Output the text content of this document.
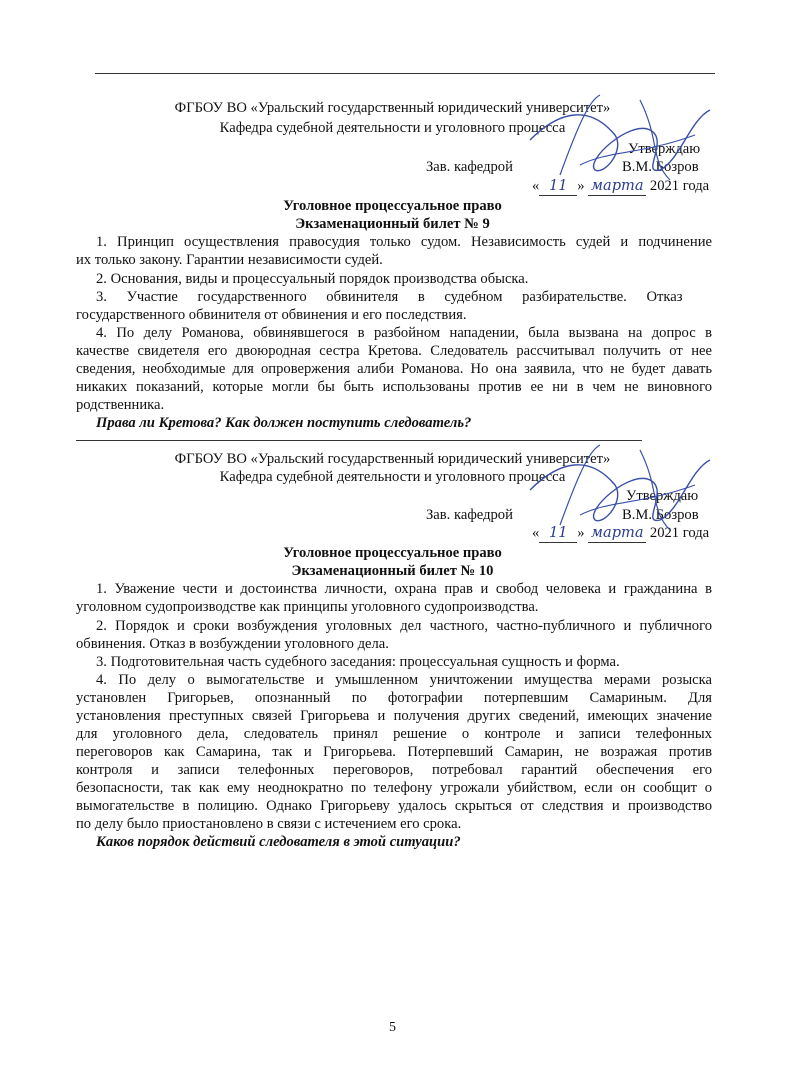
ФГБОУ ВО «Уральский государственный юридический университет»
Кафедра судебной деятельности и уголовного процесса
Утверждаю
Зав. кафедрой	В.М. Бозров
« 11 » марта 2021 года
Уголовное процессуальное право
Экзаменационный билет № 9
1. Принцип осуществления правосудия только судом. Независимость судей и подчинение
их только закону. Гарантии независимости судей.
2. Основания, виды и процессуальный порядок производства обыска.
3. Участие государственного обвинителя в судебном разбирательстве. Отказ
государственного обвинителя от обвинения и его последствия.
4. По делу Романова, обвинявшегося в разбойном нападении, была вызвана на допрос в
качестве свидетеля его двоюродная сестра Кретова. Следователь рассчитывал получить от нее
сведения, необходимые для опровержения алиби Романова. Но она заявила, что не будет давать
никаких показаний, которые могли бы быть использованы против ее ни в чем не виновного
родственника.
Права ли Кретова? Как должен поступить следователь?
ФГБОУ ВО «Уральский государственный юридический университет»
Кафедра судебной деятельности и уголовного процесса
Утверждаю
Зав. кафедрой	В.М. Бозров
« 11 » марта 2021 года
Уголовное процессуальное право
Экзаменационный билет № 10
1. Уважение чести и достоинства личности, охрана прав и свобод человека и гражданина в
уголовном судопроизводстве как принципы уголовного судопроизводства.
2. Порядок и сроки возбуждения уголовных дел частного, частно-публичного и публичного
обвинения. Отказ в возбуждении уголовного дела.
3. Подготовительная часть судебного заседания: процессуальная сущность и форма.
4. По делу о вымогательстве и умышленном уничтожении имущества мерами розыска
установлен Григорьев, опознанный по фотографии потерпевшим Самариным. Для
установления преступных связей Григорьева и получения других сведений, имеющих значение
для уголовного дела, следователь принял решение о контроле и записи телефонных
переговоров как Самарина, так и Григорьева. Потерпевший Самарин, не возражая против
контроля и записи телефонных переговоров, потребовал гарантий обеспечения его
безопасности, так как ему неоднократно по телефону угрожали убийством, если он сообщит о
вымогательстве в полицию. Однако Григорьеву удалось скрыться от следствия и производство
по делу было приостановлено в связи с истечением его срока.
Каков порядок действий следователя в этой ситуации?
5
